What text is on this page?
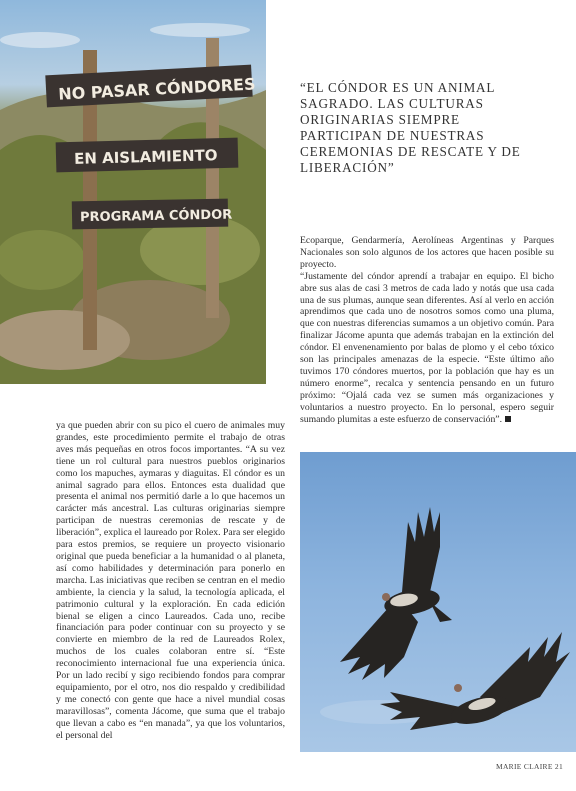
NO PASAR CÓNDORES
EN AISLAMIENTO
PROGRAMA CÓNDOR
“EL CÓNDOR ES UN ANIMAL SAGRADO. LAS CULTURAS ORIGINARIAS SIEMPRE PARTICIPAN DE NUESTRAS CEREMONIAS DE RESCATE Y DE LIBERACIÓN”

Ecoparque, Gendarmería, Aerolíneas Argentinas y Parques Nacionales son solo algunos de los actores que hacen posible su proyecto.

“Justamente del cóndor aprendí a trabajar en equipo. El bicho abre sus alas de casi 3 metros de cada lado y notás que usa cada una de sus plumas, aunque sean diferentes. Así al verlo en acción aprendimos que cada uno de nosotros somos como una pluma, que con nuestras diferencias sumamos a un objetivo común. Para finalizar Jácome apunta que además trabajan en la extinción del cóndor. El envenenamiento por balas de plomo y el cebo tóxico son las principales amenazas de la especie. “Este último año tuvimos 170 cóndores muertos, por la población que hay es un número enorme”, recalca y sentencia pensando en un futuro próximo: “Ojalá cada vez se sumen más organizaciones y voluntarios a nuestro proyecto. En lo personal, espero seguir sumando plumitas a este esfuerzo de conservación”.

ya que pueden abrir con su pico el cuero de animales muy grandes, este procedimiento permite el trabajo de otras aves más pequeñas en otros focos importantes. “A su vez tiene un rol cultural para nuestros pueblos originarios como los mapuches, aymaras y diaguitas. El cóndor es un animal sagrado para ellos. Entonces esta dualidad que presenta el animal nos permitió darle a lo que hacemos un carácter más ancestral. Las culturas originarias siempre participan de nuestras ceremonias de rescate y de liberación”, explica el laureado por Rolex. Para ser elegido para estos premios, se requiere un proyecto visionario original que pueda beneficiar a la humanidad o al planeta, así como habilidades y determinación para ponerlo en marcha. Las iniciativas que reciben se centran en el medio ambiente, la ciencia y la salud, la tecnología aplicada, el patrimonio cultural y la exploración. En cada edición bienal se eligen a cinco Laureados. Cada uno, recibe financiación para poder continuar con su proyecto y se convierte en miembro de la red de Laureados Rolex, muchos de los cuales colaboran entre sí. “Este reconocimiento internacional fue una experiencia única. Por un lado recibí y sigo recibiendo fondos para comprar equipamiento, por el otro, nos dio respaldo y credibilidad y me conectó con gente que hace a nivel mundial cosas maravillosas”, comenta Jácome, que suma que el trabajo que llevan a cabo es “en manada”, ya que los voluntarios, el personal del
MARIE CLAIRE 21
